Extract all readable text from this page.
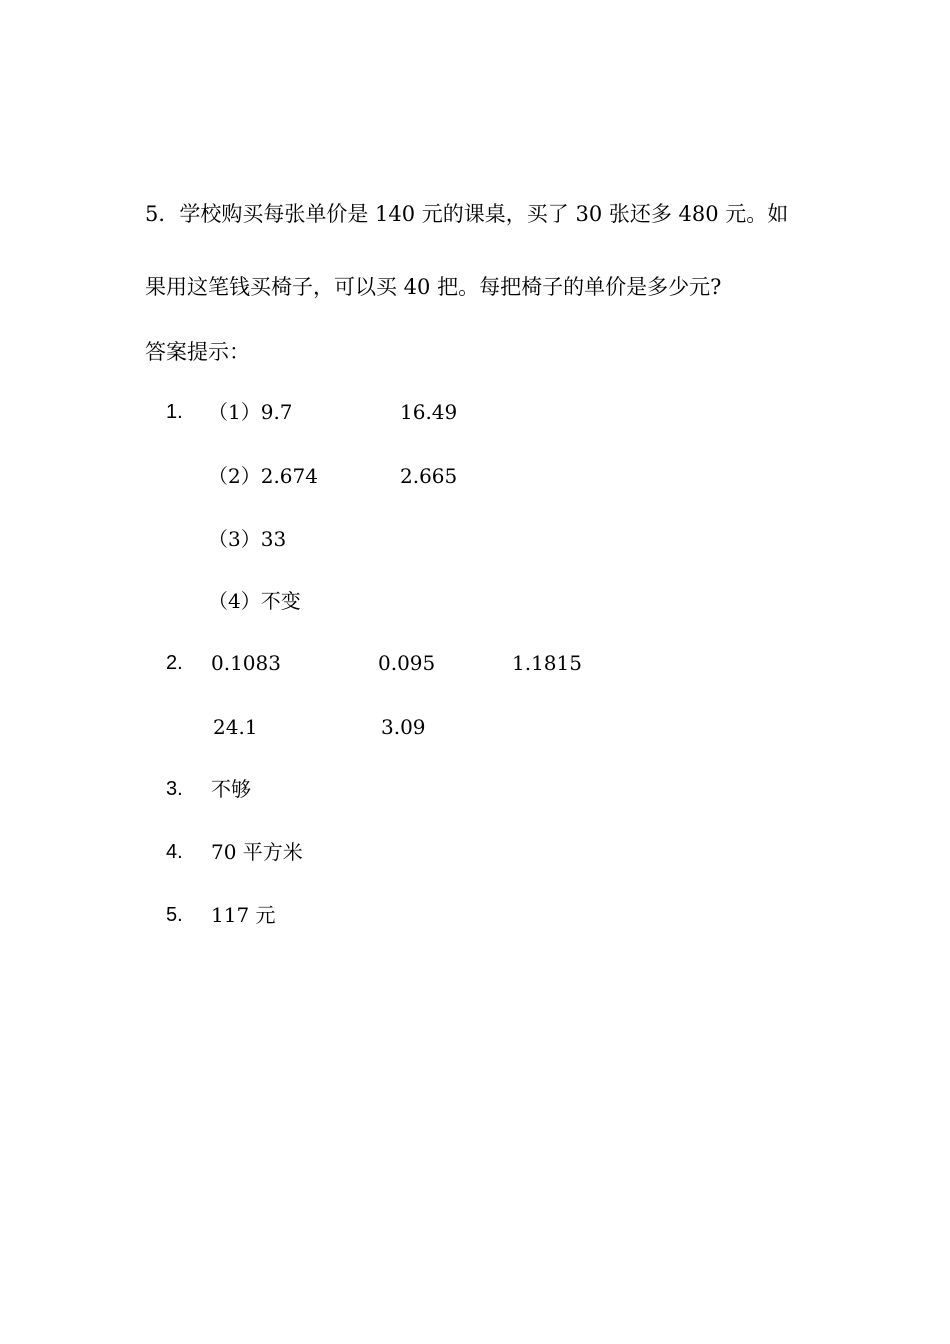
5．学校购买每张单价是 140 元的课桌，买了 30 张还多 480 元。如
果用这笔钱买椅子，可以买 40 把。每把椅子的单价是多少元?
答案提示：
1. （1）9.7	16.49
（2）2.674	2.665
（3）33
（4）不变
2. 0.1083	0.095	1.1815
24.1	3.09
3. 不够
4. 70 平方米
5. 117 元
